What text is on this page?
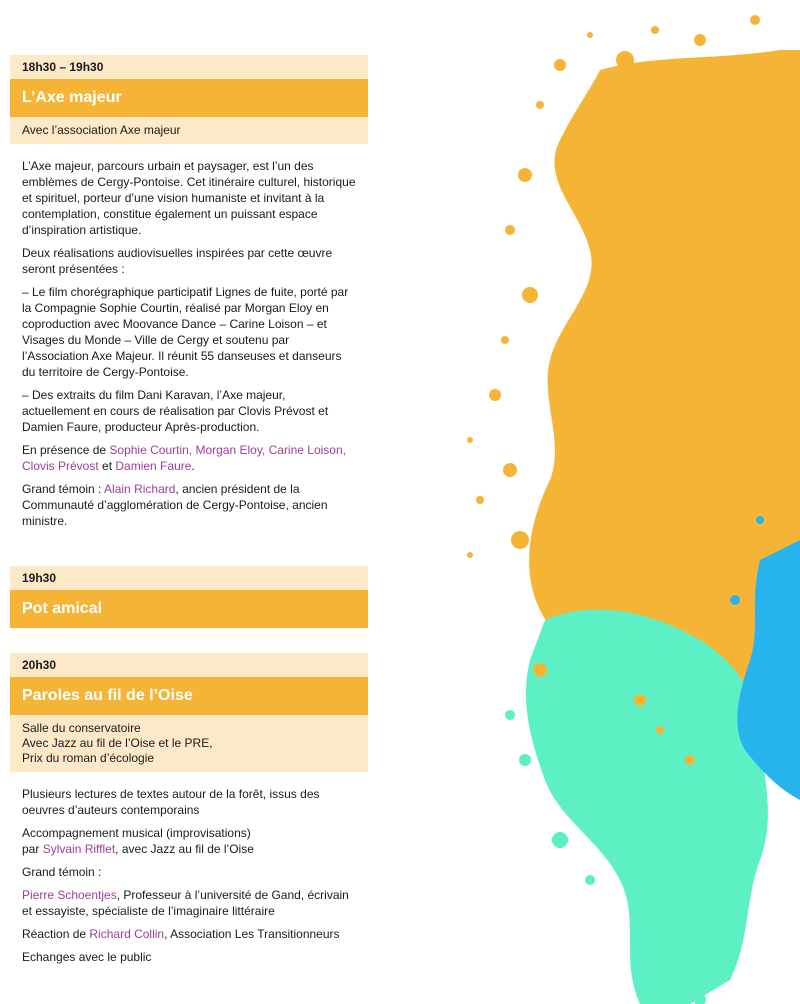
18h30 – 19h30
L’Axe majeur
Avec l’association Axe majeur

L’Axe majeur, parcours urbain et paysager, est l’un des emblèmes de Cergy-Pontoise. Cet itinéraire culturel, historique et spirituel, porteur d’une vision humaniste et invitant à la contemplation, constitue également un puissant espace d’inspiration artistique.

Deux réalisations audiovisuelles inspirées par cette œuvre seront présentées :

– Le film chorégraphique participatif Lignes de fuite, porté par la Compagnie Sophie Courtin, réalisé par Morgan Eloy en coproduction avec Moovance Dance – Carine Loison – et Visages du Monde – Ville de Cergy et soutenu par l’Association Axe Majeur. Il réunit 55 danseuses et danseurs du territoire de Cergy-Pontoise.

– Des extraits du film Dani Karavan, l’Axe majeur, actuellement en cours de réalisation par Clovis Prévost et Damien Faure, producteur Après-production.

En présence de Sophie Courtin, Morgan Eloy, Carine Loison, Clovis Prévost et Damien Faure.

Grand témoin : Alain Richard, ancien président de la Communauté d’agglomération de Cergy-Pontoise, ancien ministre.

19h30
Pot amical
20h30
Paroles au fil de l’Oise
Salle du conservatoire
Avec Jazz au fil de l’Oise et le PRE,
Prix du roman d’écologie

Plusieurs lectures de textes autour de la forêt, issus des oeuvres d’auteurs contemporains

Accompagnement musical (improvisations)
par Sylvain Rifflet, avec Jazz au fil de l’Oise

Grand témoin :

Pierre Schoentjes, Professeur à l’université de Gand, écrivain et essayiste, spécialiste de l’imaginaire littéraire

Réaction de Richard Collin, Association Les Transitionneurs

Echanges avec le public
